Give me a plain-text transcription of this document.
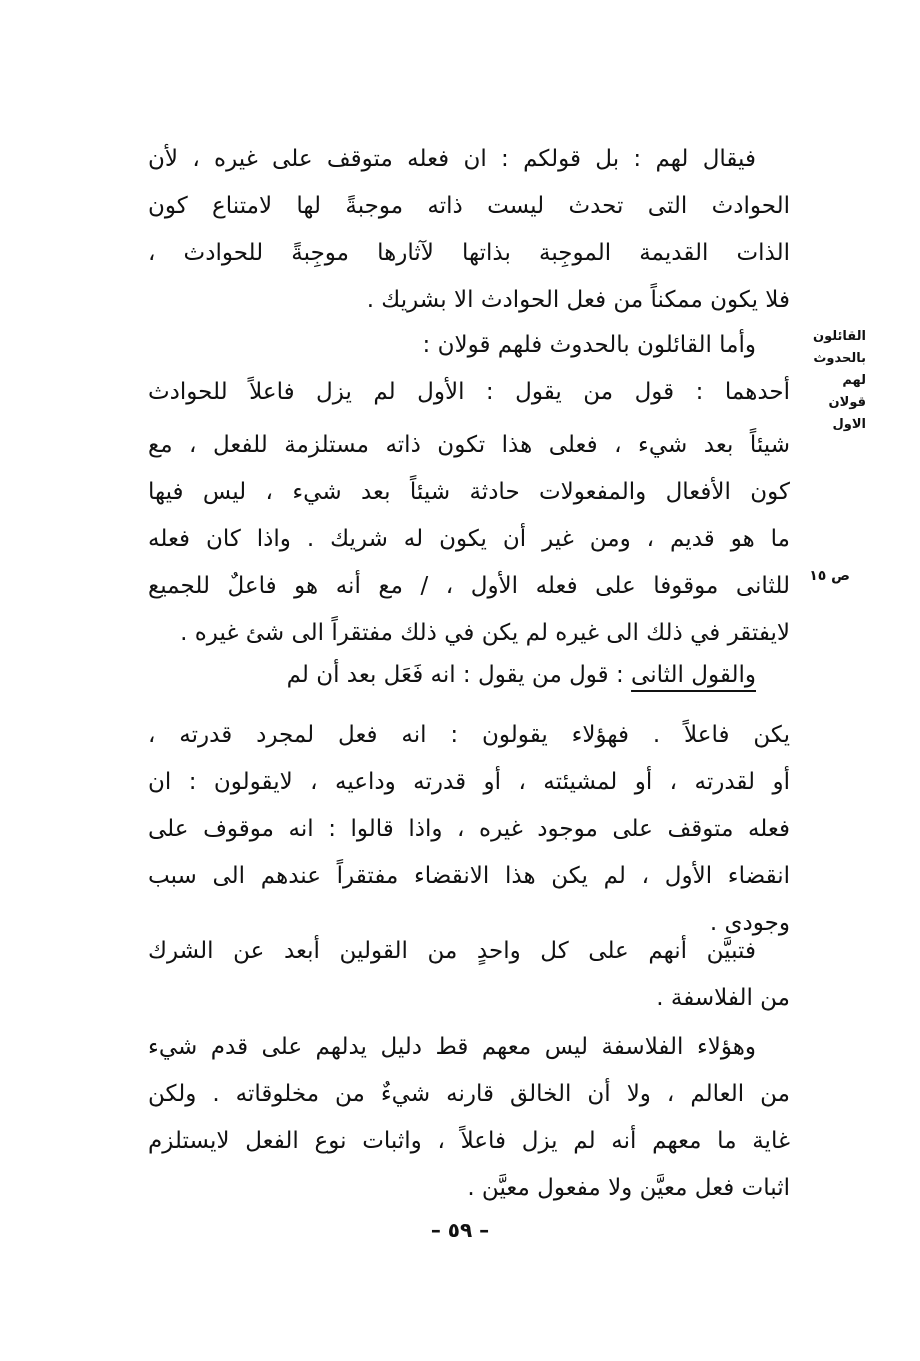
فيقال لهم : بل قولكم : ان فعله متوقف على غيره ، لأن
الحوادث التى تحدث ليست ذاته موجبةً لها لامتناع كون
الذات القديمة الموجِبة بذاتها لآثارها موجِبةً للحوادث ،
فلا يكون ممكناً من فعل الحوادث الا بشريك .
وأما القائلون بالحدوث فلهم قولان :
أحدهما : قول من يقول : الأول لم يزل فاعلاً للحوادث
شيئاً بعد شيء ، فعلى هذا تكون ذاته مستلزمة للفعل ، مع
كون الأفعال والمفعولات حادثة شيئاً بعد شيء ، ليس فيها
ما هو قديم ، ومن غير أن يكون له شريك . واذا كان فعله
للثانى موقوفا على فعله الأول ، / مع أنه هو فاعلٌ للجميع
لايفتقر في ذلك الى غيره لم يكن في ذلك مفتقراً الى شئ غيره .
والقول الثانى : قول من يقول : انه فَعَل بعد أن لم
يكن فاعلاً . فهؤلاء يقولون : انه فعل لمجرد قدرته ،
أو لقدرته ، أو لمشيئته ، أو قدرته وداعيه ، لايقولون : ان
فعله متوقف على موجود غيره ، واذا قالوا : انه موقوف على
انقضاء الأول ، لم يكن هذا الانقضاء مفتقراً عندهم الى سبب
وجودى .
فتبيَّن أنهم على كل واحدٍ من القولين أبعد عن الشرك
من الفلاسفة .
وهؤلاء الفلاسفة ليس معهم قط دليل يدلهم على قدم شيء
من العالم ، ولا أن الخالق قارنه شيءٌ من مخلوقاته . ولكن
غاية ما معهم أنه لم يزل فاعلاً ، واثبات نوع الفعل لايستلزم
اثبات فعل معيَّن ولا مفعول معيَّن .
القائلون
بالحدوث لهم
قولان الاول
ص ١٥
– ٥٩ –
